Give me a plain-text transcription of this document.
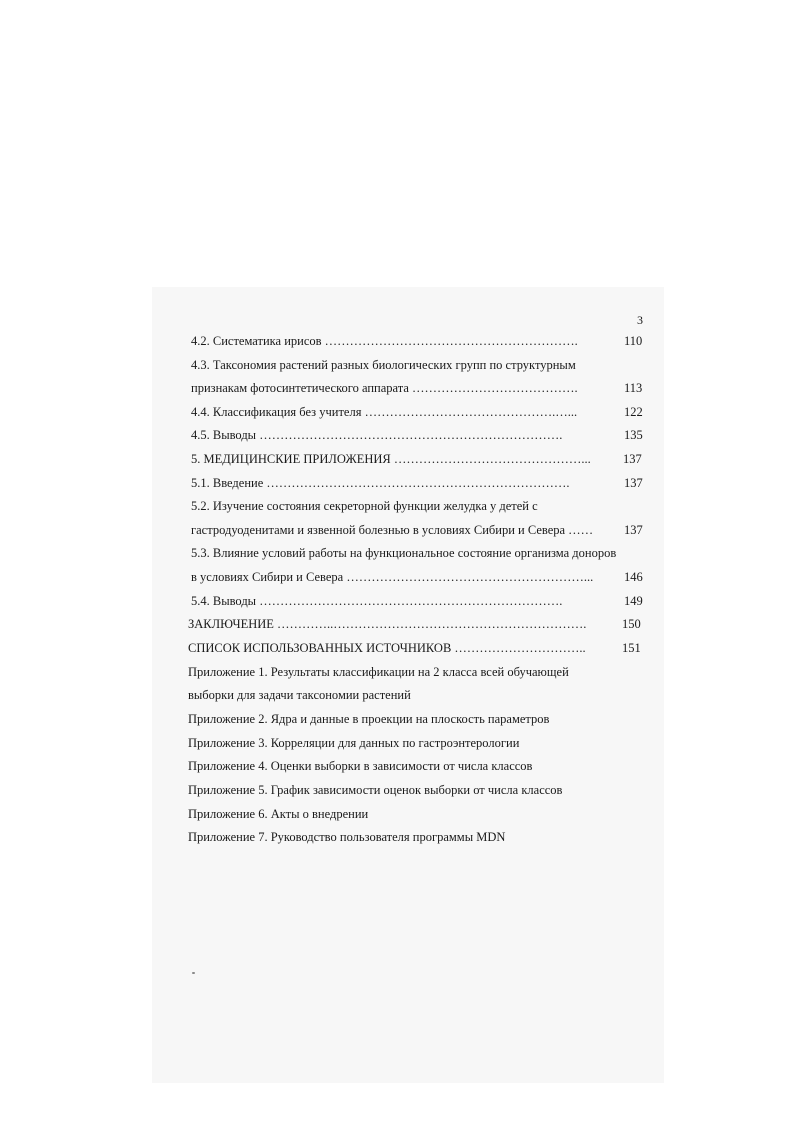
3
4.2. Систематика ирисов …………………………………………………….	110
4.3. Таксономия растений разных биологических групп по структурным
признакам фотосинтетического аппарата ………………………………….	113
4.4. Классификация без учителя ……………………………………….…...	122
4.5. Выводы ……………………………………………………………….	135
5. МЕДИЦИНСКИЕ ПРИЛОЖЕНИЯ ………………………………………...	137
5.1. Введение ……………………………………………………………….	137
5.2. Изучение состояния секреторной функции желудка у детей с
гастродуоденитами и язвенной болезнью в условиях Сибири и Севера …… 137
5.3. Влияние условий работы на функциональное состояние организма доноров
в условиях Сибири и Севера …………………………………………………... 146
5.4. Выводы ……………………………………………………………….	149
ЗАКЛЮЧЕНИЕ …………..…………………………………………………….	150
СПИСОК ИСПОЛЬЗОВАННЫХ ИСТОЧНИКОВ …………………………..	151
Приложение 1. Результаты классификации на 2 класса всей обучающей
выборки для задачи таксономии растений
Приложение 2. Ядра и данные в проекции на плоскость параметров
Приложение 3. Корреляции для данных по гастроэнтерологии
Приложение 4. Оценки выборки в зависимости от числа классов
Приложение 5. График зависимости оценок выборки от числа классов
Приложение 6. Акты о внедрении
Приложение 7. Руководство пользователя программы MDN
